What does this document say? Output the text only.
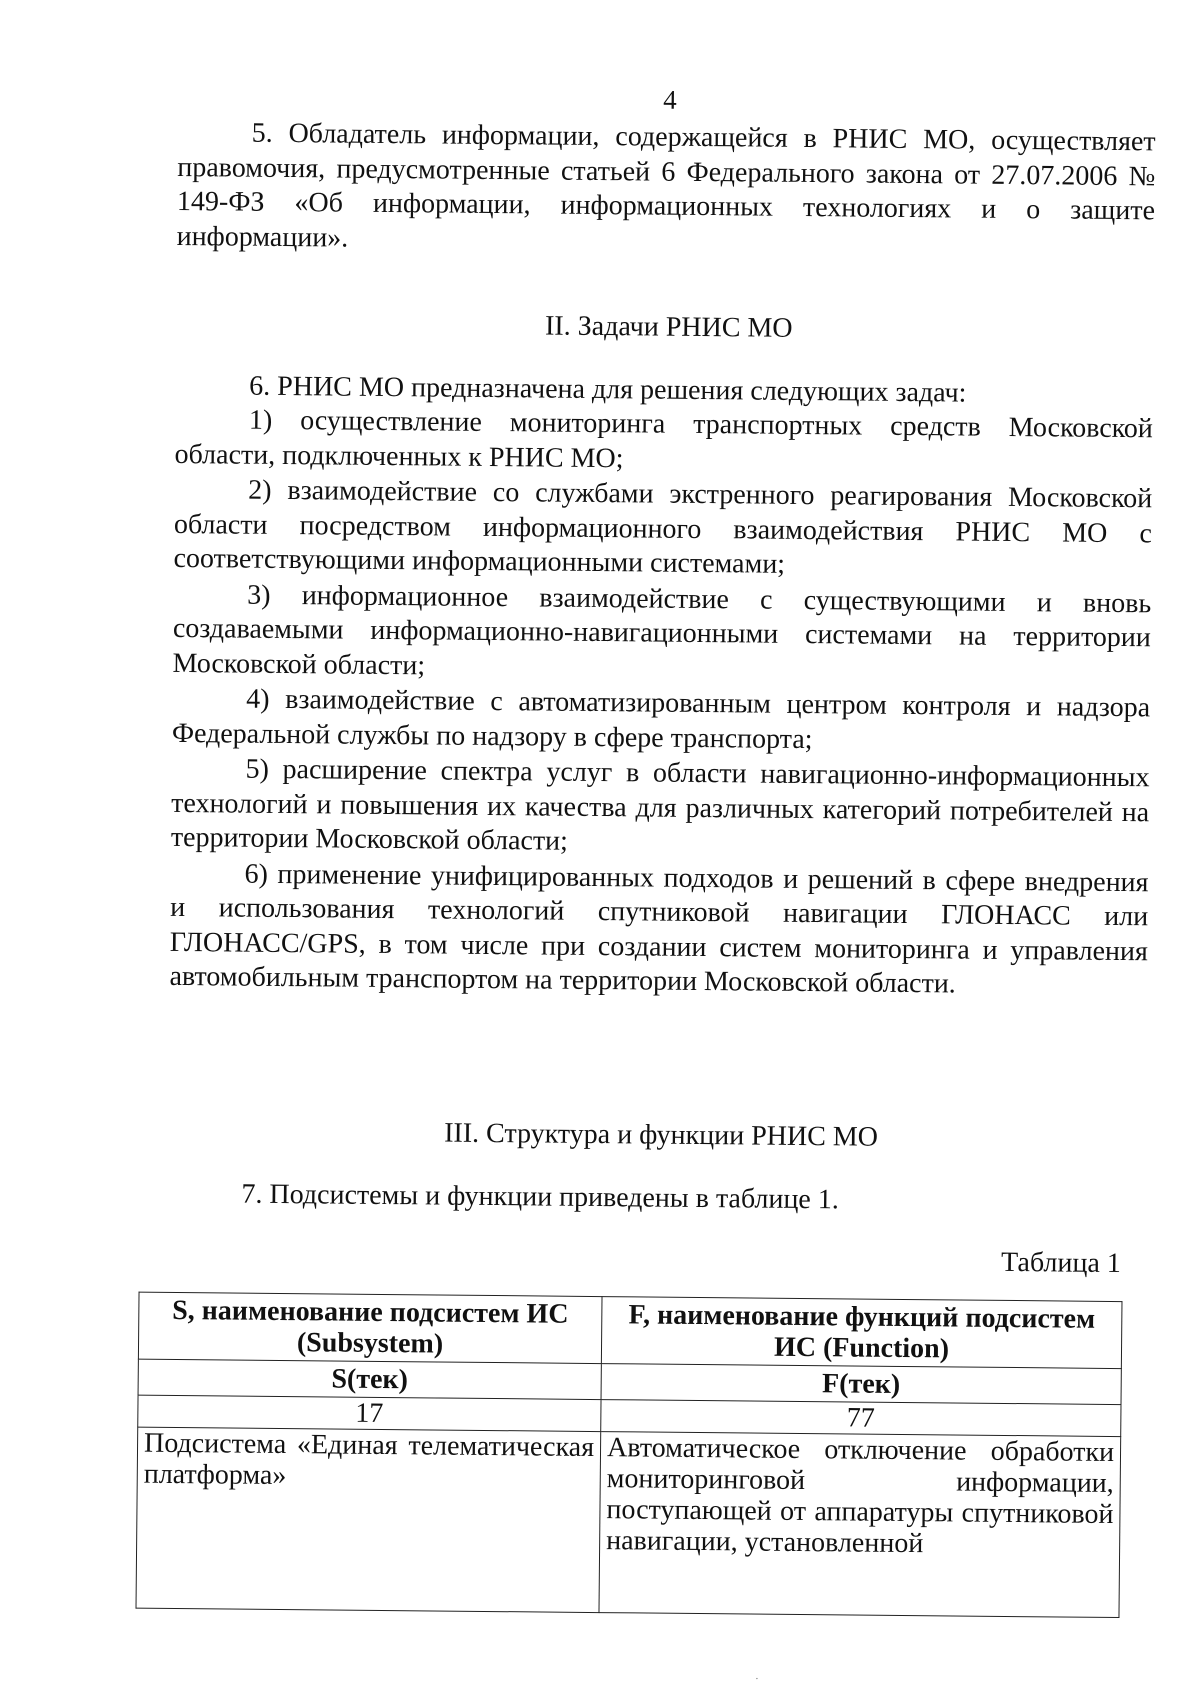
4

5. Обладатель информации, содержащейся в РНИС МО, осуществляет правомочия, предусмотренные статьей 6 Федерального закона от 27.07.2006 № 149-ФЗ «Об информации, информационных технологиях и о защите информации».

II. Задачи РНИС МО

6. РНИС МО предназначена для решения следующих задач:

1) осуществление мониторинга транспортных средств Московской области, подключенных к РНИС МО;

2) взаимодействие со службами экстренного реагирования Московской области посредством информационного взаимодействия РНИС МО с соответствующими информационными системами;

3) информационное взаимодействие с существующими и вновь создаваемыми информационно-навигационными системами на территории Московской области;

4) взаимодействие с автоматизированным центром контроля и надзора Федеральной службы по надзору в сфере транспорта;

5) расширение спектра услуг в области навигационно-информационных технологий и повышения их качества для различных категорий потребителей на территории Московской области;

6) применение унифицированных подходов и решений в сфере внедрения и использования технологий спутниковой навигации ГЛОНАСС или ГЛОНАСС/GPS, в том числе при создании систем мониторинга и управления автомобильным транспортом на территории Московской области.

III. Структура и функции РНИС МО

7. Подсистемы и функции приведены в таблице 1.

Таблица 1
S, наименование подсистем ИС (Subsystem)	F, наименование функций подсистем ИС (Function)
S(тек)	F(тек)
17	77
Подсистема «Единая телематическая платформа»	Автоматическое отключение обработки мониторинговой информации, поступающей от аппаратуры спутниковой навигации, установленной
·
